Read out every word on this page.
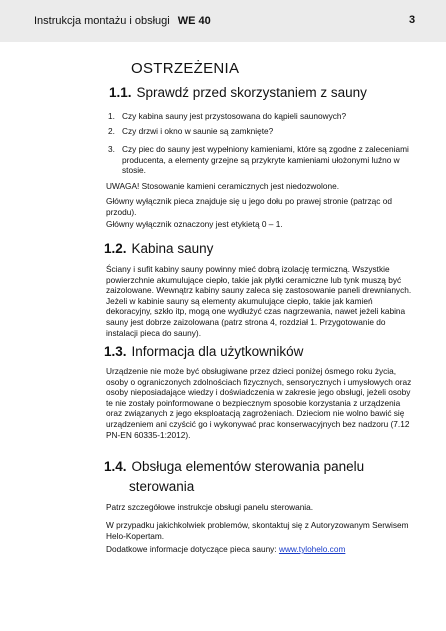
Instrukcja montażu i obsługi WE 40	3
OSTRZEŻENIA
1.1. Sprawdź przed skorzystaniem z sauny
1. Czy kabina sauny jest przystosowana do kąpieli saunowych?
2. Czy drzwi i okno w saunie są zamknięte?
3. Czy piec do sauny jest wypełniony kamieniami, które są zgodne z zaleceniami producenta, a elementy grzejne są przykryte kamieniami ułożonymi luźno w stosie.
UWAGA! Stosowanie kamieni ceramicznych jest niedozwolone.
Główny wyłącznik pieca znajduje się u jego dołu po prawej stronie (patrząc od przodu).
Główny wyłącznik oznaczony jest etykietą 0 – 1.
1.2. Kabina sauny
Ściany i sufit kabiny sauny powinny mieć dobrą izolację termiczną. Wszystkie powierzchnie akumulujące ciepło, takie jak płytki ceramiczne lub tynk muszą być zaizolowane. Wewnątrz kabiny sauny zaleca się zastosowanie paneli drewnianych. Jeżeli w kabinie sauny są elementy akumulujące ciepło, takie jak kamień dekoracyjny, szkło itp, mogą one wydłużyć czas nagrzewania, nawet jeżeli kabina sauny jest dobrze zaizolowana (patrz strona 4, rozdział 1. Przygotowanie do instalacji pieca do sauny).
1.3. Informacja dla użytkowników
Urządzenie nie może być obsługiwane przez dzieci poniżej ósmego roku życia, osoby o ograniczonych zdolnościach fizycznych, sensorycznych i umysłowych oraz osoby nieposiadające wiedzy i doświadczenia w zakresie jego obsługi, jeżeli osoby te nie zostały poinformowane o bezpiecznym sposobie korzystania z urządzenia oraz związanych z jego eksploatacją zagrożeniach. Dzieciom nie wolno bawić się urządzeniem ani czyścić go i wykonywać prac konserwacyjnych bez nadzoru (7.12 PN-EN 60335-1:2012).
1.4. Obsługa elementów sterowania panelu
sterowania
Patrz szczegółowe instrukcje obsługi panelu sterowania.
W przypadku jakichkolwiek problemów, skontaktuj się z Autoryzowanym Serwisem Helo-Kopertam.
Dodatkowe informacje dotyczące pieca sauny: www.tylohelo.com
